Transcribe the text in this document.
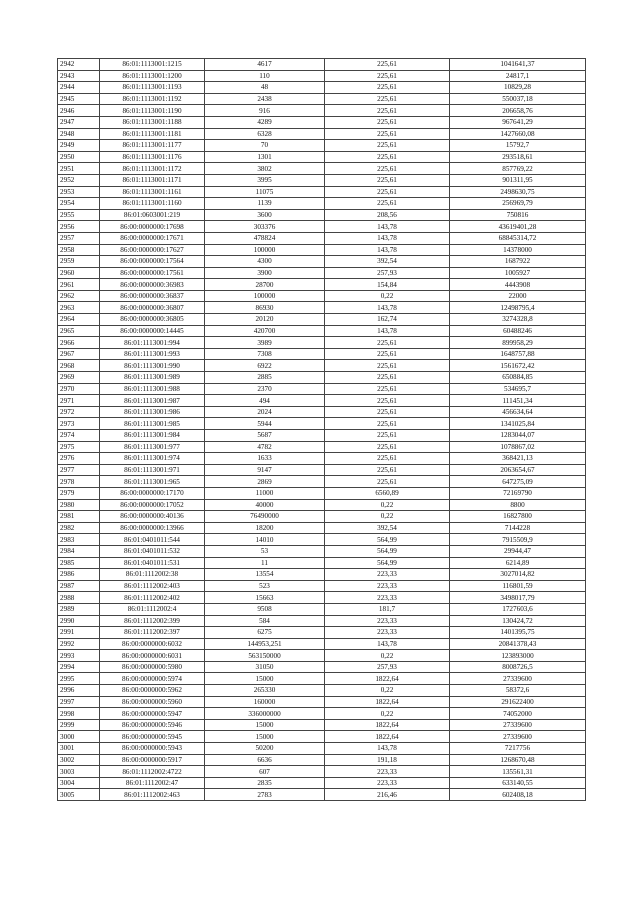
2942	86:01:1113001:1215	4617	225,61	1041641,37
2943	86:01:1113001:1200	110	225,61	24817,1
2944	86:01:1113001:1193	48	225,61	10829,28
2945	86:01:1113001:1192	2438	225,61	550037,18
2946	86:01:1113001:1190	916	225,61	206658,76
2947	86:01:1113001:1188	4289	225,61	967641,29
2948	86:01:1113001:1181	6328	225,61	1427660,08
2949	86:01:1113001:1177	70	225,61	15792,7
2950	86:01:1113001:1176	1301	225,61	293518,61
2951	86:01:1113001:1172	3802	225,61	857769,22
2952	86:01:1113001:1171	3995	225,61	901311,95
2953	86:01:1113001:1161	11075	225,61	2498630,75
2954	86:01:1113001:1160	1139	225,61	256969,79
2955	86:01:0603001:219	3600	208,56	750816
2956	86:00:0000000:17698	303376	143,78	43619401,28
2957	86:00:0000000:17671	478824	143,78	68845314,72
2958	86:00:0000000:17627	100000	143,78	14378000
2959	86:00:0000000:17564	4300	392,54	1687922
2960	86:00:0000000:17561	3900	257,93	1005927
2961	86:00:0000000:36983	28700	154,84	4443908
2962	86:00:0000000:36837	100000	0,22	22000
2963	86:00:0000000:36807	86930	143,78	12498795,4
2964	86:00:0000000:36805	20120	162,74	3274328,8
2965	86:00:0000000:14445	420700	143,78	60488246
2966	86:01:1113001:994	3989	225,61	899958,29
2967	86:01:1113001:993	7308	225,61	1648757,88
2968	86:01:1113001:990	6922	225,61	1561672,42
2969	86:01:1113001:989	2885	225,61	650884,85
2970	86:01:1113001:988	2370	225,61	534695,7
2971	86:01:1113001:987	494	225,61	111451,34
2972	86:01:1113001:986	2024	225,61	456634,64
2973	86:01:1113001:985	5944	225,61	1341025,84
2974	86:01:1113001:984	5687	225,61	1283044,07
2975	86:01:1113001:977	4782	225,61	1078867,02
2976	86:01:1113001:974	1633	225,61	368421,13
2977	86:01:1113001:971	9147	225,61	2063654,67
2978	86:01:1113001:965	2869	225,61	647275,09
2979	86:00:0000000:17170	11000	6560,89	72169790
2980	86:00:0000000:17052	40000	0,22	8800
2981	86:00:0000000:40136	76490000	0,22	16827800
2982	86:00:0000000:13966	18200	392,54	7144228
2983	86:01:0401011:544	14010	564,99	7915509,9
2984	86:01:0401011:532	53	564,99	29944,47
2985	86:01:0401011:531	11	564,99	6214,89
2986	86:01:1112002:38	13554	223,33	3027014,82
2987	86:01:1112002:403	523	223,33	116801,59
2988	86:01:1112002:402	15663	223,33	3498017,79
2989	86:01:1112002:4	9508	181,7	1727603,6
2990	86:01:1112002:399	584	223,33	130424,72
2991	86:01:1112002:397	6275	223,33	1401395,75
2992	86:00:0000000:6032	144953,251	143,78	20841378,43
2993	86:00:0000000:6031	563150000	0,22	123893000
2994	86:00:0000000:5980	31050	257,93	8008726,5
2995	86:00:0000000:5974	15000	1822,64	27339600
2996	86:00:0000000:5962	265330	0,22	58372,6
2997	86:00:0000000:5960	160000	1822,64	291622400
2998	86:00:0000000:5947	336000000	0,22	74052000
2999	86:00:0000000:5946	15000	1822,64	27339600
3000	86:00:0000000:5945	15000	1822,64	27339600
3001	86:00:0000000:5943	50200	143,78	7217756
3002	86:00:0000000:5917	6636	191,18	1268670,48
3003	86:01:1112002:4722	607	223,33	135561,31
3004	86:01:1112002:47	2835	223,33	633140,55
3005	86:01:1112002:463	2783	216,46	602408,18
